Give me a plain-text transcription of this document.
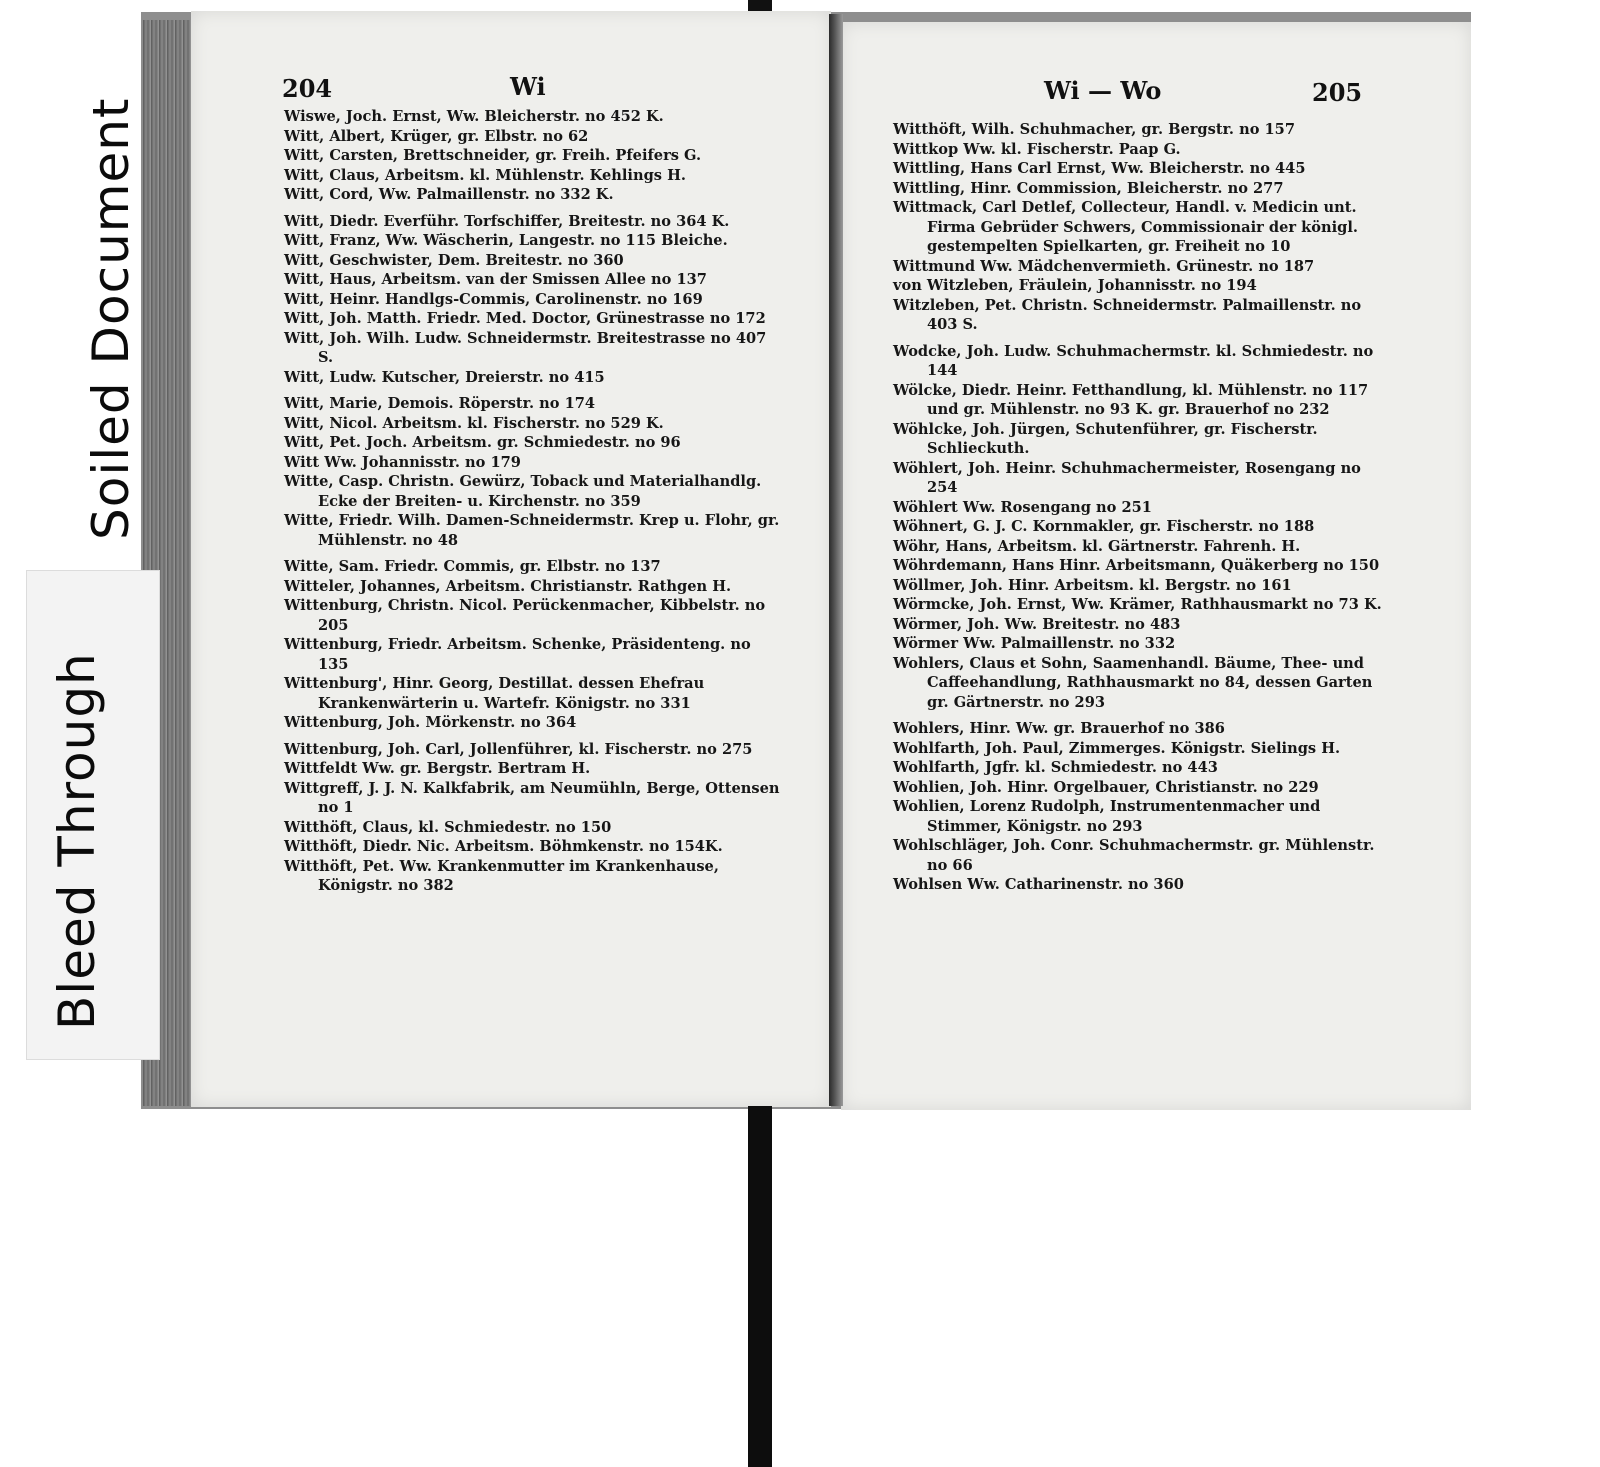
Soiled Document
Bleed Through
204	Wi	Wi — Wo	205
Wiswe, Joch. Ernst, Ww. Bleicherstr. no 452 K.
Witt, Albert, Krüger, gr. Elbstr. no 62
Witt, Carsten, Brettschneider, gr. Freih. Pfeifers G.
Witt, Claus, Arbeitsm. kl. Mühlenstr. Kehlings H.
Witt, Cord, Ww. Palmaillenstr. no 332 K.
Witt, Diedr. Everführ. Torfschiffer, Breitestr. no 364 K.
Witt, Franz, Ww. Wäscherin, Langestr. no 115 Bleiche.
Witt, Geschwister, Dem. Breitestr. no 360
Witt, Haus, Arbeitsm. van der Smissen Allee no 137
Witt, Heinr. Handlgs-Commis, Carolinenstr. no 169
Witt, Joh. Matth. Friedr. Med. Doctor, Grünestrasse no 172
Witt, Joh. Wilh. Ludw. Schneidermstr. Breitestrasse no 407 S.
Witt, Ludw. Kutscher, Dreierstr. no 415
Witt, Marie, Demois. Röperstr. no 174
Witt, Nicol. Arbeitsm. kl. Fischerstr. no 529 K.
Witt, Pet. Joch. Arbeitsm. gr. Schmiedestr. no 96
Witt Ww. Johannisstr. no 179
Witte, Casp. Christn. Gewürz, Toback und Materialhandlg. Ecke der Breiten- u. Kirchenstr. no 359
Witte, Friedr. Wilh. Damen-Schneidermstr. Krep u. Flohr, gr. Mühlenstr. no 48
Witte, Sam. Friedr. Commis, gr. Elbstr. no 137
Witteler, Johannes, Arbeitsm. Christianstr. Rathgen H.
Wittenburg, Christn. Nicol. Perückenmacher, Kibbelstr. no 205
Wittenburg, Friedr. Arbeitsm. Schenke, Präsidenteng. no 135
Wittenburg', Hinr. Georg, Destillat. dessen Ehefrau Krankenwärterin u. Wartefr. Königstr. no 331
Wittenburg, Joh. Mörkenstr. no 364
Wittenburg, Joh. Carl, Jollenführer, kl. Fischerstr. no 275
Wittfeldt Ww. gr. Bergstr. Bertram H.
Wittgreff, J. J. N. Kalkfabrik, am Neumühln, Berge, Ottensen no 1
Witthöft, Claus, kl. Schmiedestr. no 150
Witthöft, Diedr. Nic. Arbeitsm. Böhmkenstr. no 154K.
Witthöft, Pet. Ww. Krankenmutter im Krankenhause, Königstr. no 382
Witthöft, Wilh. Schuhmacher, gr. Bergstr. no 157
Wittkop Ww. kl. Fischerstr. Paap G.
Wittling, Hans Carl Ernst, Ww. Bleicherstr. no 445
Wittling, Hinr. Commission, Bleicherstr. no 277
Wittmack, Carl Detlef, Collecteur, Handl. v. Medicin unt. Firma Gebrüder Schwers, Commissionair der königl. gestempelten Spielkarten, gr. Freiheit no 10
Wittmund Ww. Mädchenvermieth. Grünestr. no 187
von Witzleben, Fräulein, Johannisstr. no 194
Witzleben, Pet. Christn. Schneidermstr. Palmaillenstr. no 403 S.
Wodcke, Joh. Ludw. Schuhmachermstr. kl. Schmiedestr. no 144
Wölcke, Diedr. Heinr. Fetthandlung, kl. Mühlenstr. no 117 und gr. Mühlenstr. no 93 K. gr. Brauerhof no 232
Wöhlcke, Joh. Jürgen, Schutenführer, gr. Fischerstr. Schlieckuth.
Wöhlert, Joh. Heinr. Schuhmachermeister, Rosengang no 254
Wöhlert Ww. Rosengang no 251
Wöhnert, G. J. C. Kornmakler, gr. Fischerstr. no 188
Wöhr, Hans, Arbeitsm. kl. Gärtnerstr. Fahrenh. H.
Wöhrdemann, Hans Hinr. Arbeitsmann, Quäkerberg no 150
Wöllmer, Joh. Hinr. Arbeitsm. kl. Bergstr. no 161
Wörmcke, Joh. Ernst, Ww. Krämer, Rathhausmarkt no 73 K.
Wörmer, Joh. Ww. Breitestr. no 483
Wörmer Ww. Palmaillenstr. no 332
Wohlers, Claus et Sohn, Saamenhandl. Bäume, Thee- und Caffeehandlung, Rathhausmarkt no 84, dessen Garten gr. Gärtnerstr. no 293
Wohlers, Hinr. Ww. gr. Brauerhof no 386
Wohlfarth, Joh. Paul, Zimmerges. Königstr. Sielings H.
Wohlfarth, Jgfr. kl. Schmiedestr. no 443
Wohlien, Joh. Hinr. Orgelbauer, Christianstr. no 229
Wohlien, Lorenz Rudolph, Instrumentenmacher und Stimmer, Königstr. no 293
Wohlschläger, Joh. Conr. Schuhmachermstr. gr. Mühlenstr. no 66
Wohlsen Ww. Catharinenstr. no 360
